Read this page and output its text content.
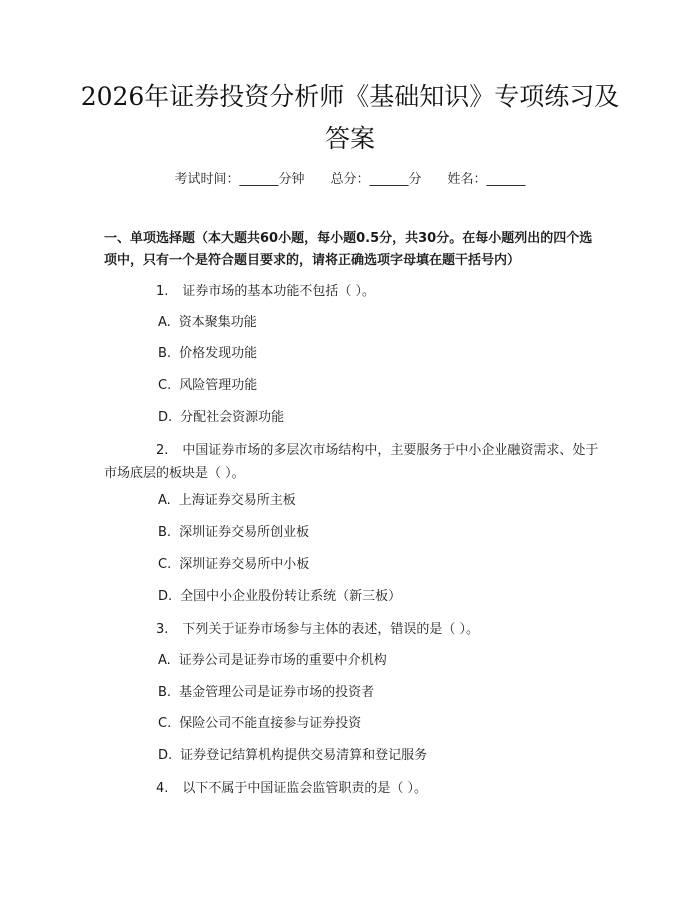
2026年证券投资分析师《基础知识》专项练习及答案
考试时间：______分钟　　总分：______分　　姓名：______

一、单项选择题（本大题共60小题，每小题0.5分，共30分。在每小题列出的四个选项中，只有一个是符合题目要求的，请将正确选项字母填在题干括号内）

1. 证券市场的基本功能不包括（ ）。

A. 资本聚集功能
B. 价格发现功能
C. 风险管理功能
D. 分配社会资源功能

2. 中国证券市场的多层次市场结构中，主要服务于中小企业融资需求、处于市场底层的板块是（ ）。

A. 上海证券交易所主板
B. 深圳证券交易所创业板
C. 深圳证券交易所中小板
D. 全国中小企业股份转让系统（新三板）

3. 下列关于证券市场参与主体的表述，错误的是（ ）。

A. 证券公司是证券市场的重要中介机构
B. 基金管理公司是证券市场的投资者
C. 保险公司不能直接参与证券投资
D. 证券登记结算机构提供交易清算和登记服务

4. 以下不属于中国证监会监管职责的是（ ）。
